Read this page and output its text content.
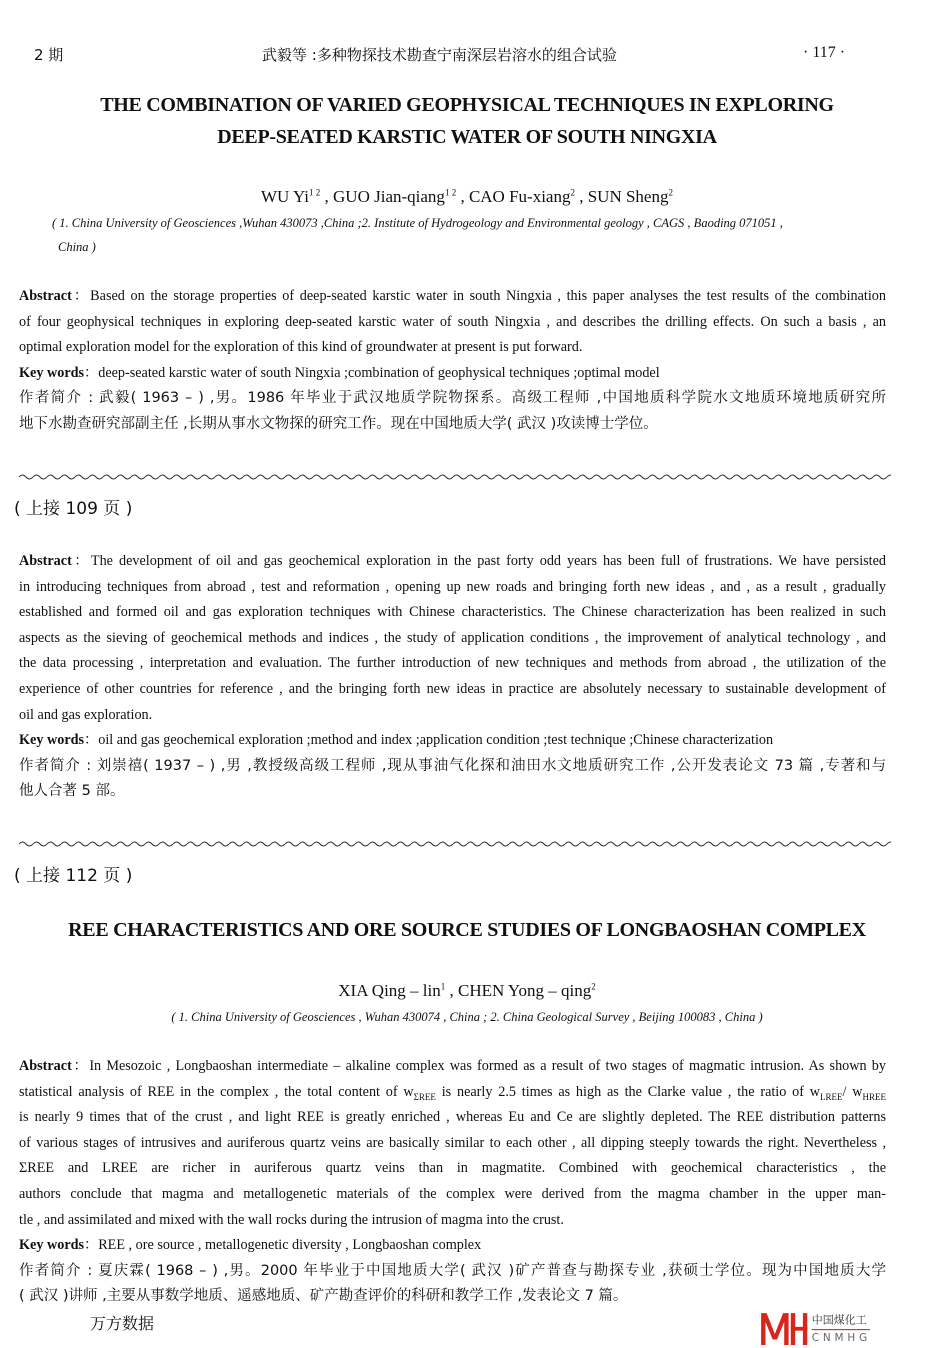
2 期	武毅等 :多种物探技术勘查宁南深层岩溶水的组合试验	· 117 ·
THE COMBINATION OF VARIED GEOPHYSICAL TECHNIQUES IN EXPLORING
DEEP-SEATED KARSTIC WATER OF SOUTH NINGXIA
WU $Yi^{1 2}$ , GUO Jian-qiang$^{1 2}$ , CAO Fu-xiang$^2$ , SUN Sheng$^2$
( 1. China University of Geosciences ,Wuhan 430073 ,China ;2. Institute of Hydrogeology and Environmental geology , CAGS , Baoding 071051 ,
China )
Abstract：Based on the storage properties of deep-seated karstic water in south Ningxia , this paper analyses the test results of the combination
of four geophysical techniques in exploring deep-seated karstic water of south Ningxia , and describes the drilling effects. On such a basis , an
optimal exploration model for the exploration of this kind of groundwater at present is put forward.
Key words：deep-seated karstic water of south Ningxia ;combination of geophysical techniques ;optimal model
作者简介 : 武毅( 1963 – ) ,男。1986 年毕业于武汉地质学院物探系。高级工程师 ,中国地质科学院水文地质环境地质研究所
地下水勘查研究部副主任 ,长期从事水文物探的研究工作。现在中国地质大学( 武汉 )攻读博士学位。
( 上接 109 页 )
Abstract：The development of oil and gas geochemical exploration in the past forty odd years has been full of frustrations. We have persisted
in introducing techniques from abroad , test and reformation , opening up new roads and bringing forth new ideas , and , as a result , gradually
established and formed oil and gas exploration techniques with Chinese characteristics. The Chinese characterization has been realized in such
aspects as the sieving of geochemical methods and indices , the study of application conditions , the improvement of analytical technology , and
the data processing , interpretation and evaluation. The further introduction of new techniques and methods from abroad , the utilization of the
experience of other countries for reference , and the bringing forth new ideas in practice are absolutely necessary to sustainable development of
oil and gas exploration.
Key words：oil and gas geochemical exploration ;method and index ;application condition ;test technique ;Chinese characterization
作者简介 : 刘崇禧( 1937 – ) ,男 ,教授级高级工程师 ,现从事油气化探和油田水文地质研究工作 ,公开发表论文 73 篇 ,专著和与
他人合著 5 部。
( 上接 112 页 )
REE CHARACTERISTICS AND ORE SOURCE STUDIES OF LONGBAOSHAN COMPLEX
XIA Qing – lin$^1$ , CHEN Yong – qing$^2$
( 1. China University of Geosciences , Wuhan 430074 , China ; 2. China Geological Survey , Beijing 100083 , China )
Abstract：In Mesozoic , Longbaoshan intermediate – alkaline complex was formed as a result of two stages of magmatic intrusion. As shown by
statistical analysis of REE in the complex , the total content of $w_{\Sigma REE}$ is nearly 2.5 times as high as the Clarke value , the ratio of $w_{LREE}/$ $w_{HREE}$
is nearly 9 times that of the crust , and light REE is greatly enriched , whereas Eu and Ce are slightly depleted. The REE distribution patterns
of various stages of intrusives and auriferous quartz veins are basically similar to each other , all dipping steeply towards the right. Nevertheless ,
ΣREE and LREE are richer in auriferous quartz veins than in magmatite. Combined with geochemical characteristics , the
authors conclude that magma and metallogenetic materials of the complex were derived from the magma chamber in the upper man-
tle , and assimilated and mixed with the wall rocks during the intrusion of magma into the crust.
Key words：REE , ore source , metallogenetic diversity , Longbaoshan complex
作者简介 : 夏庆霖( 1968 – ) ,男。2000 年毕业于中国地质大学( 武汉 )矿产普查与勘探专业 ,获硕士学位。现为中国地质大学
( 武汉 )讲师 ,主要从事数学地质、遥感地质、矿产勘查评价的科研和教学工作 ,发表论文 7 篇。
万方数据	中国煤化工
CNMHG
